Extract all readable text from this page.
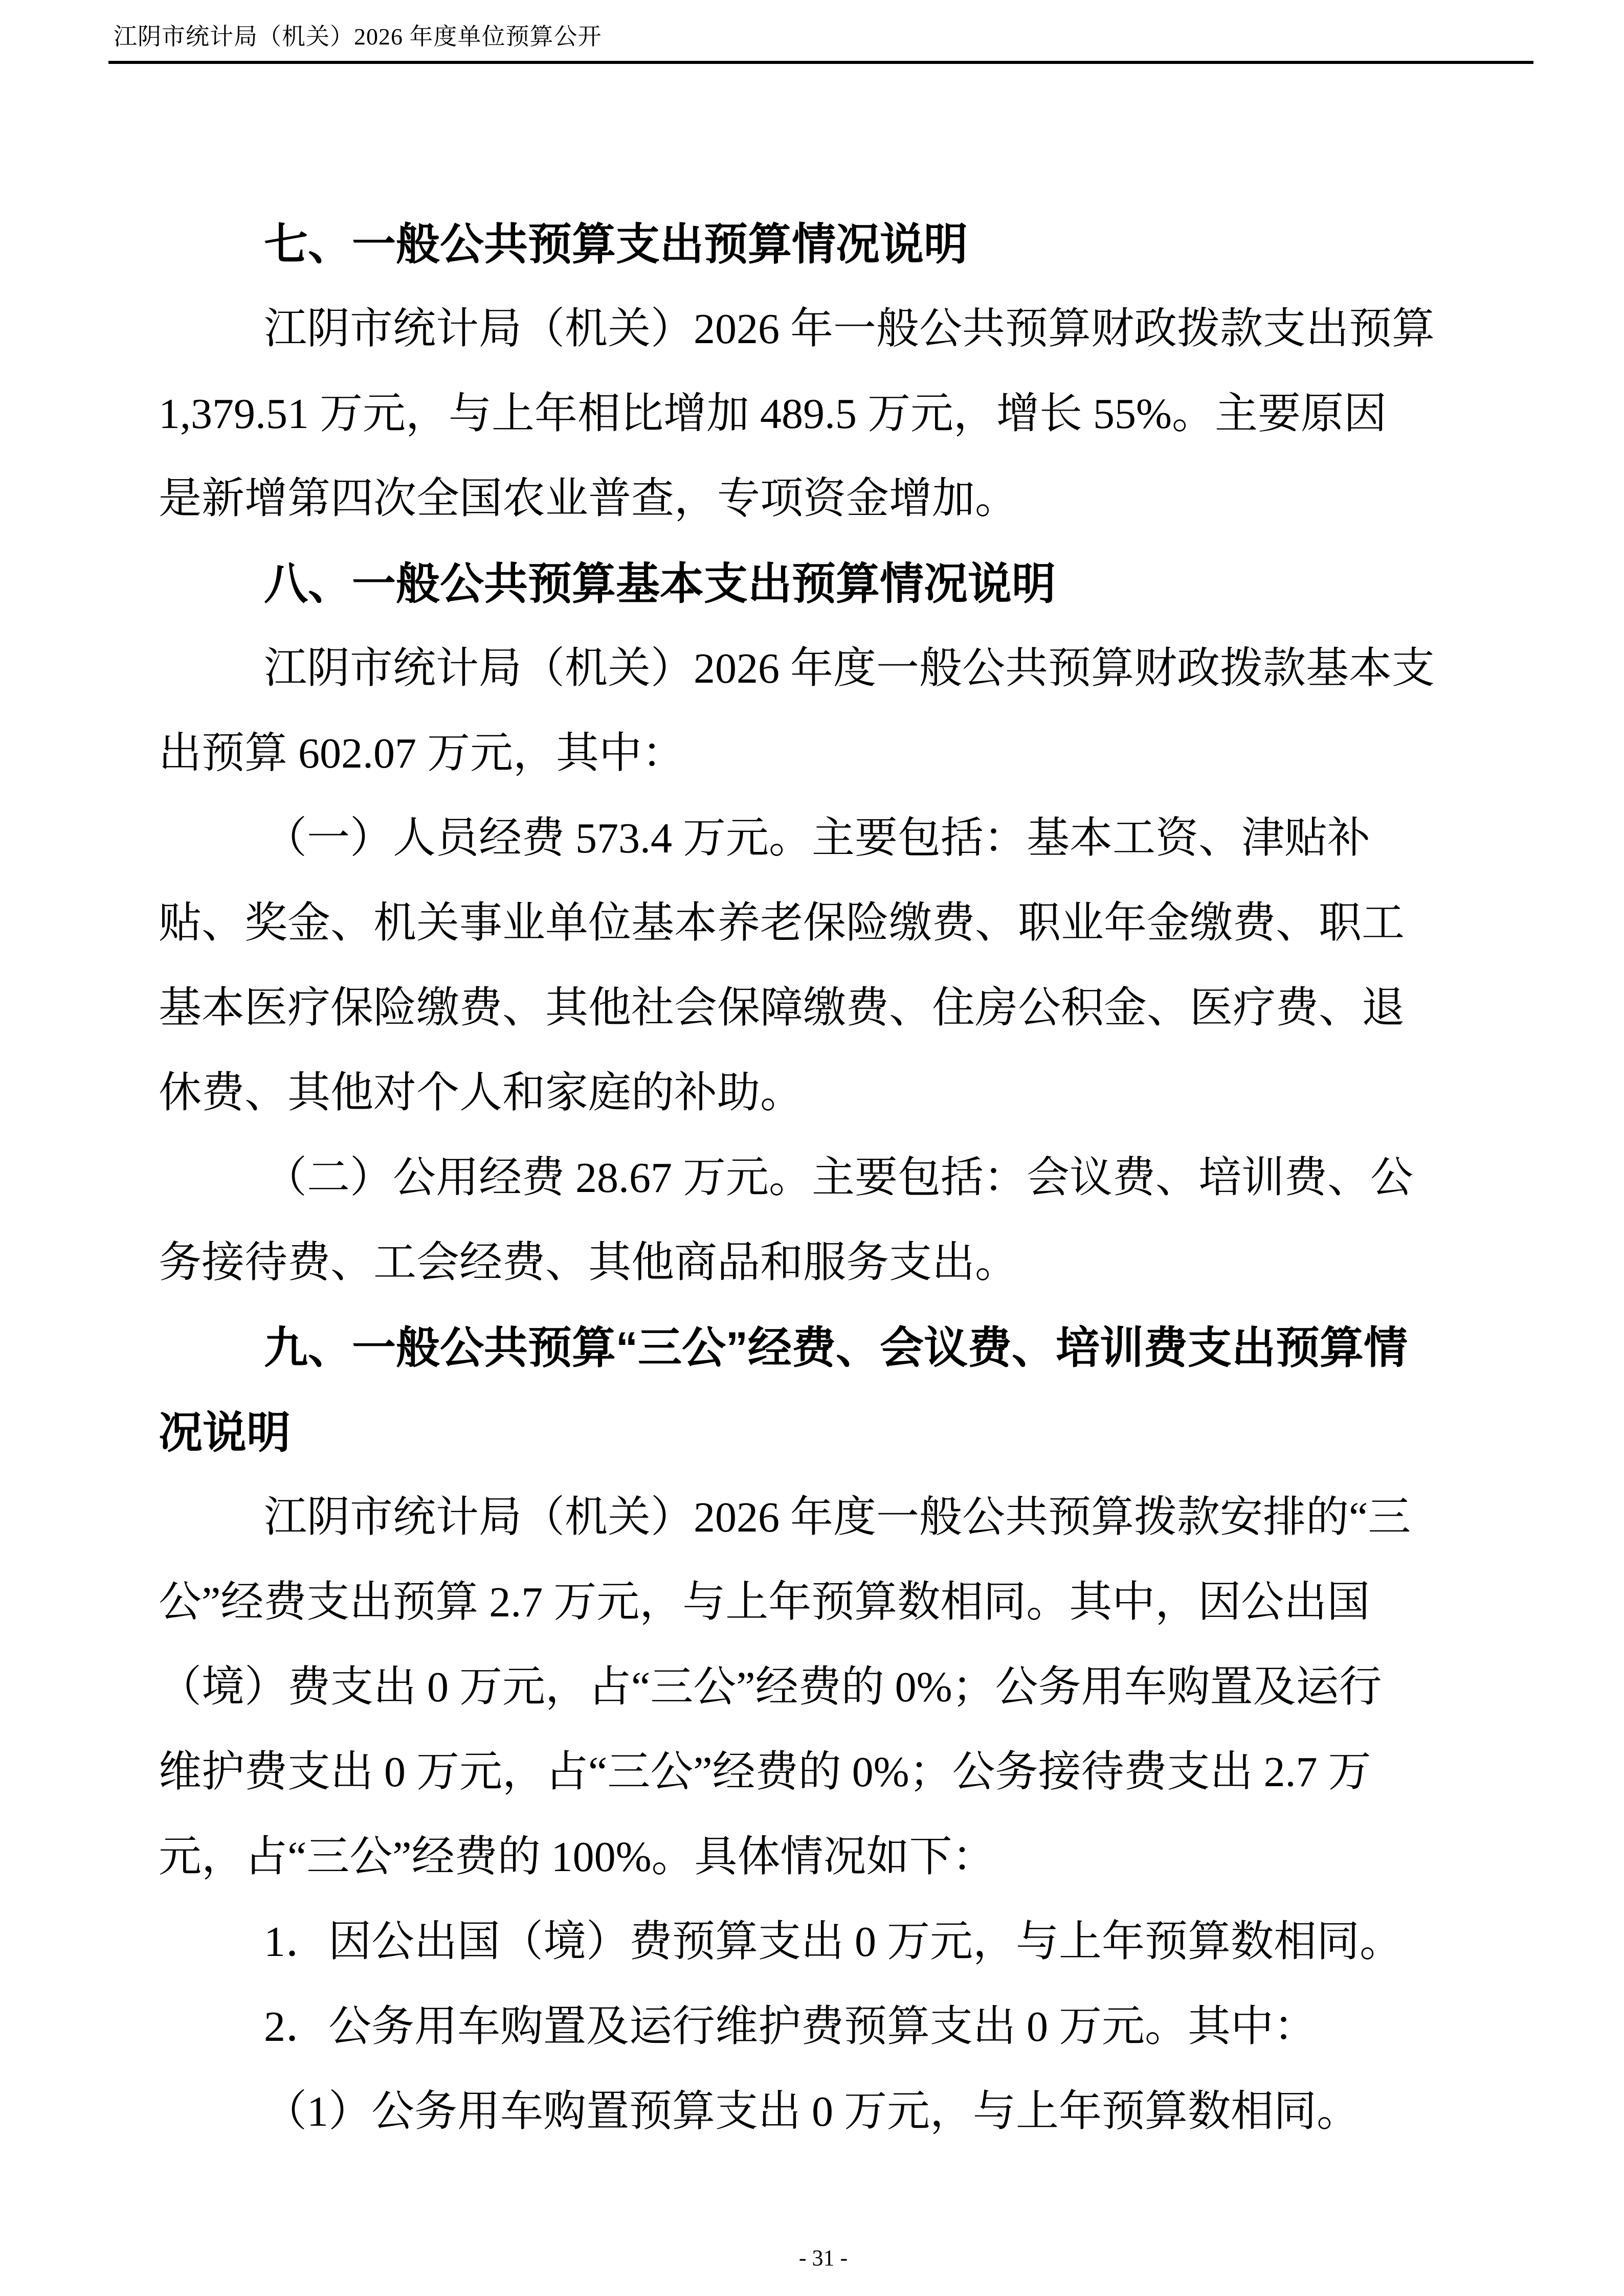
江阴市统计局（机关）2026 年度单位预算公开
七、一般公共预算支出预算情况说明
江阴市统计局（机关）2026 年一般公共预算财政拨款支出预算
1,379.51 万元，与上年相比增加 489.5 万元，增长 55%。主要原因
是新增第四次全国农业普查，专项资金增加。
八、一般公共预算基本支出预算情况说明
江阴市统计局（机关）2026 年度一般公共预算财政拨款基本支
出预算 602.07 万元，其中：
（一）人员经费 573.4 万元。主要包括：基本工资、津贴补
贴、奖金、机关事业单位基本养老保险缴费、职业年金缴费、职工
基本医疗保险缴费、其他社会保障缴费、住房公积金、医疗费、退
休费、其他对个人和家庭的补助。
（二）公用经费 28.67 万元。主要包括：会议费、培训费、公
务接待费、工会经费、其他商品和服务支出。
九、一般公共预算“三公”经费、会议费、培训费支出预算情
况说明
江阴市统计局（机关）2026 年度一般公共预算拨款安排的“三
公”经费支出预算 2.7 万元，与上年预算数相同。其中，因公出国
（境）费支出 0 万元，占“三公”经费的 0%；公务用车购置及运行
维护费支出 0 万元，占“三公”经费的 0%；公务接待费支出 2.7 万
元，占“三公”经费的 100%。具体情况如下：
1．因公出国（境）费预算支出 0 万元，与上年预算数相同。
2．公务用车购置及运行维护费预算支出 0 万元。其中：
（1）公务用车购置预算支出 0 万元，与上年预算数相同。

- 31 -
